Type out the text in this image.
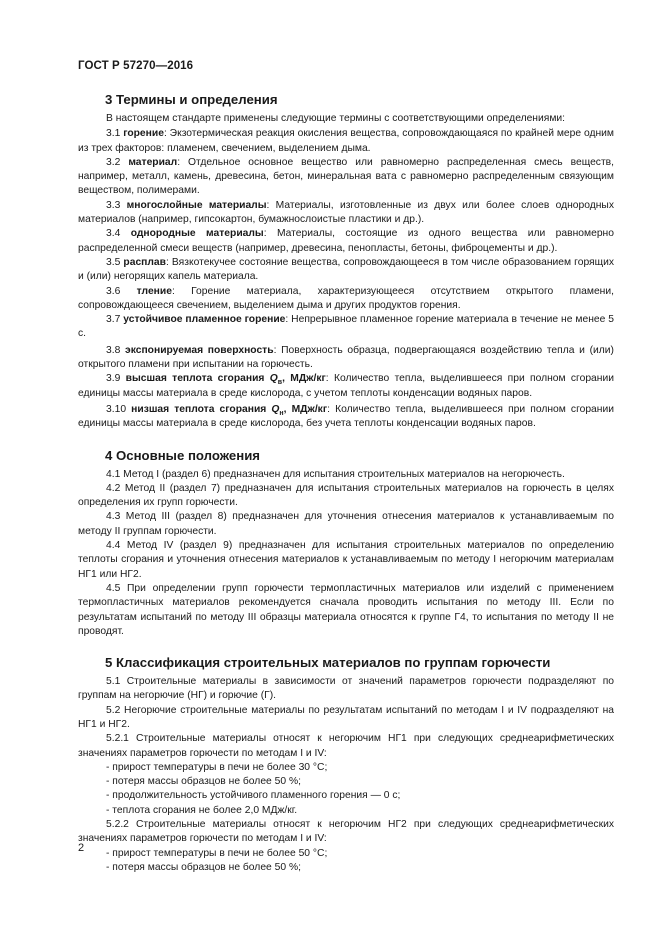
ГОСТ Р 57270—2016
3 Термины и определения

В настоящем стандарте применены следующие термины с соответствующими определениями:

3.1 горение: Экзотермическая реакция окисления вещества, сопровождающаяся по крайней мере одним из трех факторов: пламенем, свечением, выделением дыма.

3.2 материал: Отдельное основное вещество или равномерно распределенная смесь веществ, например, металл, камень, древесина, бетон, минеральная вата с равномерно распределенным связующим веществом, полимерами.

3.3 многослойные материалы: Материалы, изготовленные из двух или более слоев однородных материалов (например, гипсокартон, бумажнослоистые пластики и др.).

3.4 однородные материалы: Материалы, состоящие из одного вещества или равномерно распределенной смеси веществ (например, древесина, пенопласты, бетоны, фиброцементы и др.).

3.5 расплав: Вязкотекучее состояние вещества, сопровождающееся в том числе образованием горящих и (или) негорящих капель материала.

3.6 тление: Горение материала, характеризующееся отсутствием открытого пламени, сопровождающееся свечением, выделением дыма и других продуктов горения.

3.7 устойчивое пламенное горение: Непрерывное пламенное горение материала в течение не менее 5 с.

3.8 экспонируемая поверхность: Поверхность образца, подвергающаяся воздействию тепла и (или) открытого пламени при испытании на горючесть.

3.9 высшая теплота сгорания $Q_в$, МДж/кг: Количество тепла, выделившееся при полном сгорании единицы массы материала в среде кислорода, с учетом теплоты конденсации водяных паров.

3.10 низшая теплота сгорания $Q_н$, МДж/кг: Количество тепла, выделившееся при полном сгорании единицы массы материала в среде кислорода, без учета теплоты конденсации водяных паров.

4 Основные положения

4.1 Метод I (раздел 6) предназначен для испытания строительных материалов на негорючесть.

4.2 Метод II (раздел 7) предназначен для испытания строительных материалов на горючесть в целях определения их групп горючести.

4.3 Метод III (раздел 8) предназначен для уточнения отнесения материалов к устанавливаемым по методу II группам горючести.

4.4 Метод IV (раздел 9) предназначен для испытания строительных материалов по определению теплоты сгорания и уточнения отнесения материалов к устанавливаемым по методу I негорючим материалам НГ1 или НГ2.

4.5 При определении групп горючести термопластичных материалов или изделий с применением термопластичных материалов рекомендуется сначала проводить испытания по методу III. Если по результатам испытаний по методу III образцы материала относятся к группе Г4, то испытания по методу II не проводят.

5 Классификация строительных материалов по группам горючести

5.1 Строительные материалы в зависимости от значений параметров горючести подразделяют по группам на негорючие (НГ) и горючие (Г).

5.2 Негорючие строительные материалы по результатам испытаний по методам I и IV подразделяют на НГ1 и НГ2.

5.2.1 Строительные материалы относят к негорючим НГ1 при следующих среднеарифметических значениях параметров горючести по методам I и IV:

- прирост температуры в печи не более 30 °С;
- потеря массы образцов не более 50 %;
- продолжительность устойчивого пламенного горения — 0 с;
- теплота сгорания не более 2,0 МДж/кг.

5.2.2 Строительные материалы относят к негорючим НГ2 при следующих среднеарифметических значениях параметров горючести по методам I и IV:

- прирост температуры в печи не более 50 °С;
- потеря массы образцов не более 50 %;
2
